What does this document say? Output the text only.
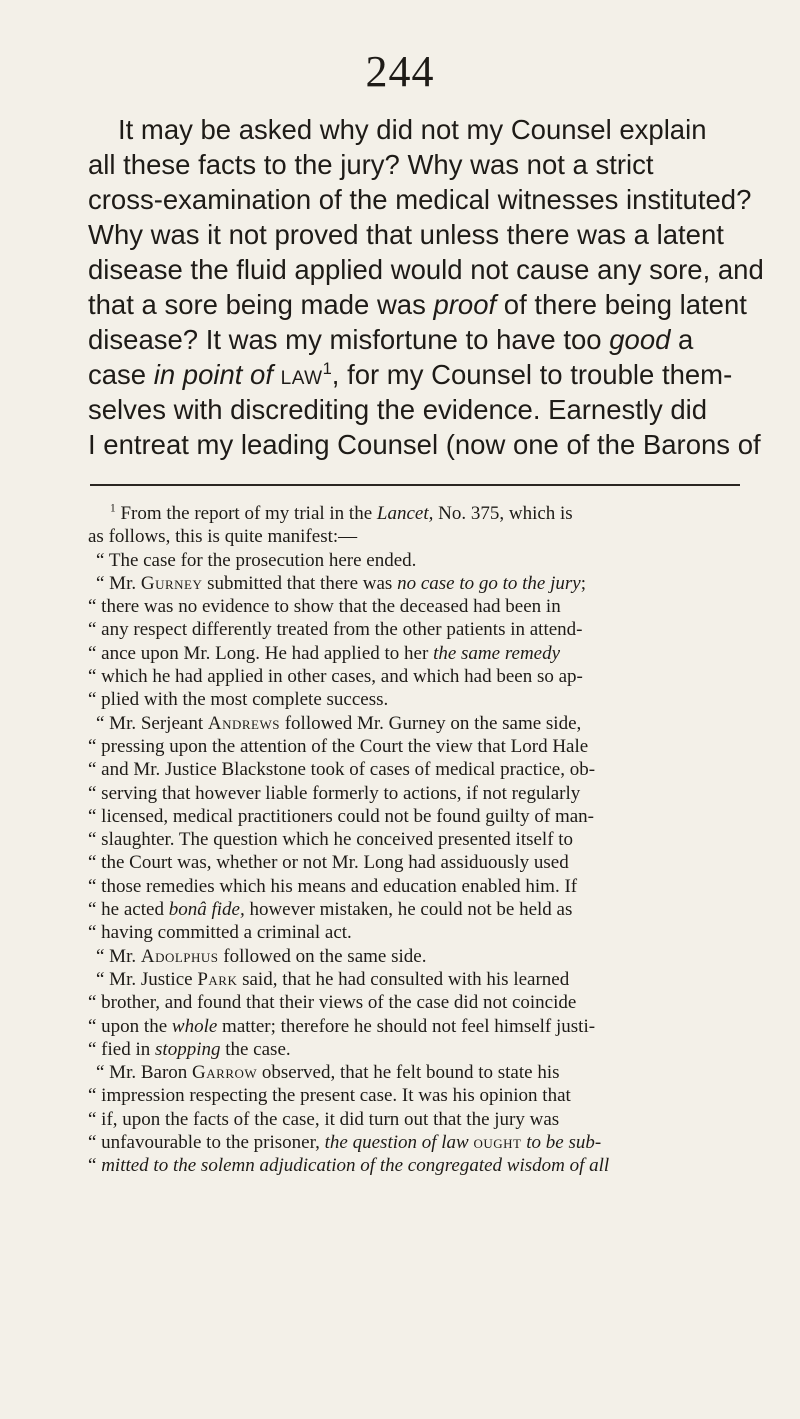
244
It may be asked why did not my Counsel explain
all these facts to the jury? Why was not a strict
cross-examination of the medical witnesses instituted?
Why was it not proved that unless there was a latent
disease the fluid applied would not cause any sore, and
that a sore being made was proof of there being latent
disease? It was my misfortune to have too good a
case in point of law$^1$, for my Counsel to trouble them-
selves with discrediting the evidence. Earnestly did
I entreat my leading Counsel (now one of the Barons of
$^1$ From the report of my trial in the Lancet, No. 375, which is
as follows, this is quite manifest:—
“ The case for the prosecution here ended.
“ Mr. Gurney submitted that there was no case to go to the jury;
“ there was no evidence to show that the deceased had been in
“ any respect differently treated from the other patients in attend-
“ ance upon Mr. Long. He had applied to her the same remedy
“ which he had applied in other cases, and which had been so ap-
“ plied with the most complete success.
“ Mr. Serjeant Andrews followed Mr. Gurney on the same side,
“ pressing upon the attention of the Court the view that Lord Hale
“ and Mr. Justice Blackstone took of cases of medical practice, ob-
“ serving that however liable formerly to actions, if not regularly
“ licensed, medical practitioners could not be found guilty of man-
“ slaughter. The question which he conceived presented itself to
“ the Court was, whether or not Mr. Long had assiduously used
“ those remedies which his means and education enabled him. If
“ he acted bonâ fide, however mistaken, he could not be held as
“ having committed a criminal act.
“ Mr. Adolphus followed on the same side.
“ Mr. Justice Park said, that he had consulted with his learned
“ brother, and found that their views of the case did not coincide
“ upon the whole matter; therefore he should not feel himself justi-
“ fied in stopping the case.
“ Mr. Baron Garrow observed, that he felt bound to state his
“ impression respecting the present case. It was his opinion that
“ if, upon the facts of the case, it did turn out that the jury was
“ unfavourable to the prisoner, the question of law ought to be sub-
“ mitted to the solemn adjudication of the congregated wisdom of all
